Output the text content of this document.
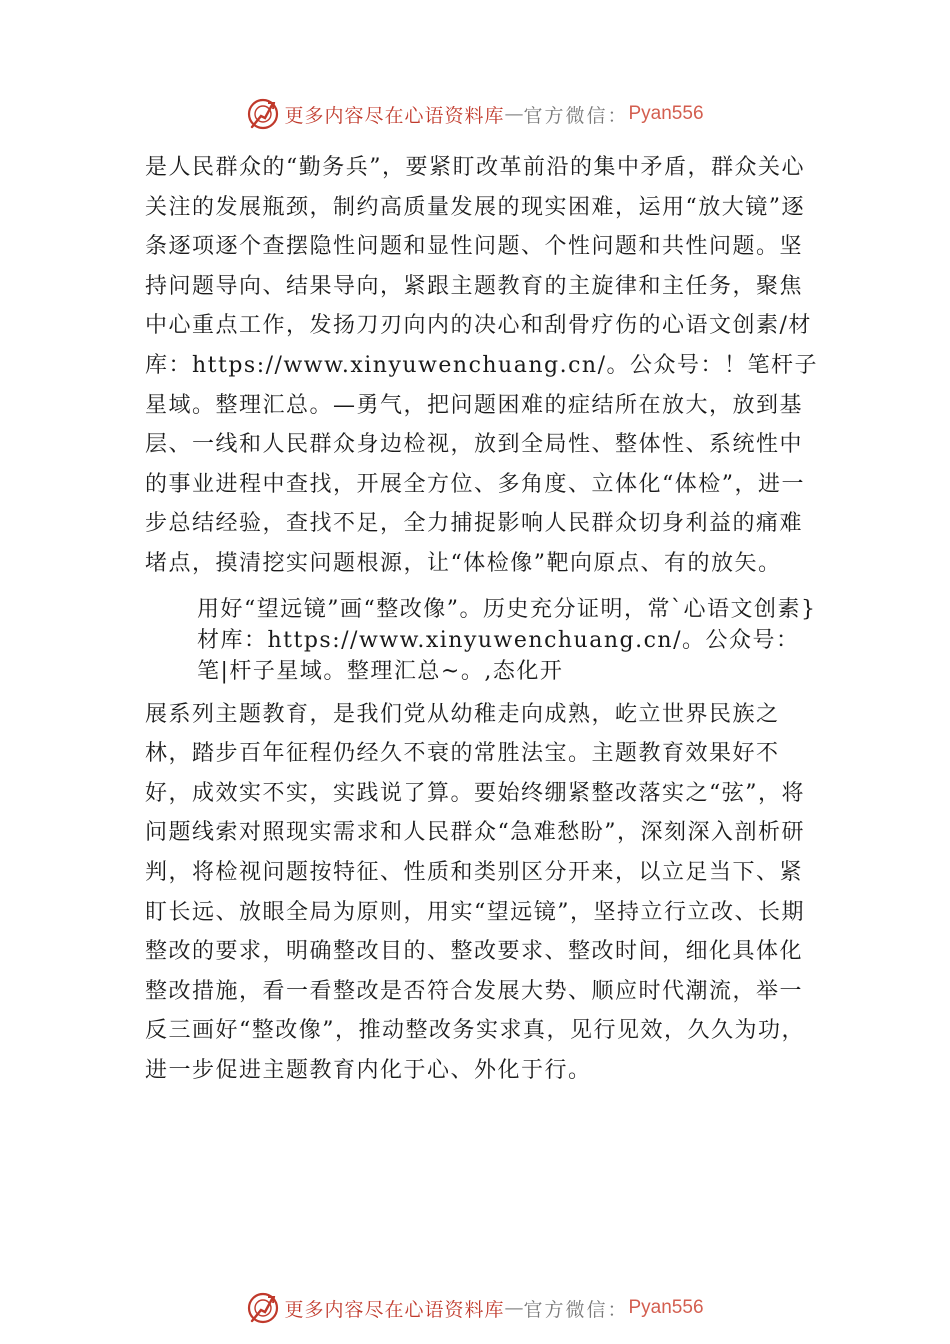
更多内容尽在心语资料库 — 官方微信： Pyan556

是人民群众的“勤务兵”，要紧盯改革前沿的集中矛盾，群众关心关注的发展瓶颈，制约高质量发展的现实困难，运用“放大镜”逐条逐项逐个查摆隐性问题和显性问题、个性问题和共性问题。坚持问题导向、结果导向，紧跟主题教育的主旋律和主任务，聚焦中心重点工作，发扬刀刃向内的决心和刮骨疗伤的心语文创素/材库：https://www.xinyuwenchuang.cn/。公众号：！笔杆子星域。整理汇总。—勇气，把问题困难的症结所在放大，放到基层、一线和人民群众身边检视，放到全局性、整体性、系统性中的事业进程中查找，开展全方位、多角度、立体化“体检”，进一步总结经验，查找不足，全力捕捉影响人民群众切身利益的痛难堵点，摸清挖实问题根源，让“体检像”靶向原点、有的放矢。

用好“望远镜”画“整改像”。历史充分证明，常`心语文创素}材库：https://www.xinyuwenchuang.cn/。公众号：笔|杆子星域。整理汇总~。,态化开

展系列主题教育，是我们党从幼稚走向成熟，屹立世界民族之林，踏步百年征程仍经久不衰的常胜法宝。主题教育效果好不好，成效实不实，实践说了算。要始终绷紧整改落实之“弦”，将问题线索对照现实需求和人民群众“急难愁盼”，深刻深入剖析研判，将检视问题按特征、性质和类别区分开来，以立足当下、紧盯长远、放眼全局为原则，用实“望远镜”，坚持立行立改、长期整改的要求，明确整改目的、整改要求、整改时间，细化具体化整改措施，看一看整改是否符合发展大势、顺应时代潮流，举一反三画好“整改像”，推动整改务实求真，见行见效，久久为功，进一步促进主题教育内化于心、外化于行。

更多内容尽在心语资料库 — 官方微信： Pyan556
